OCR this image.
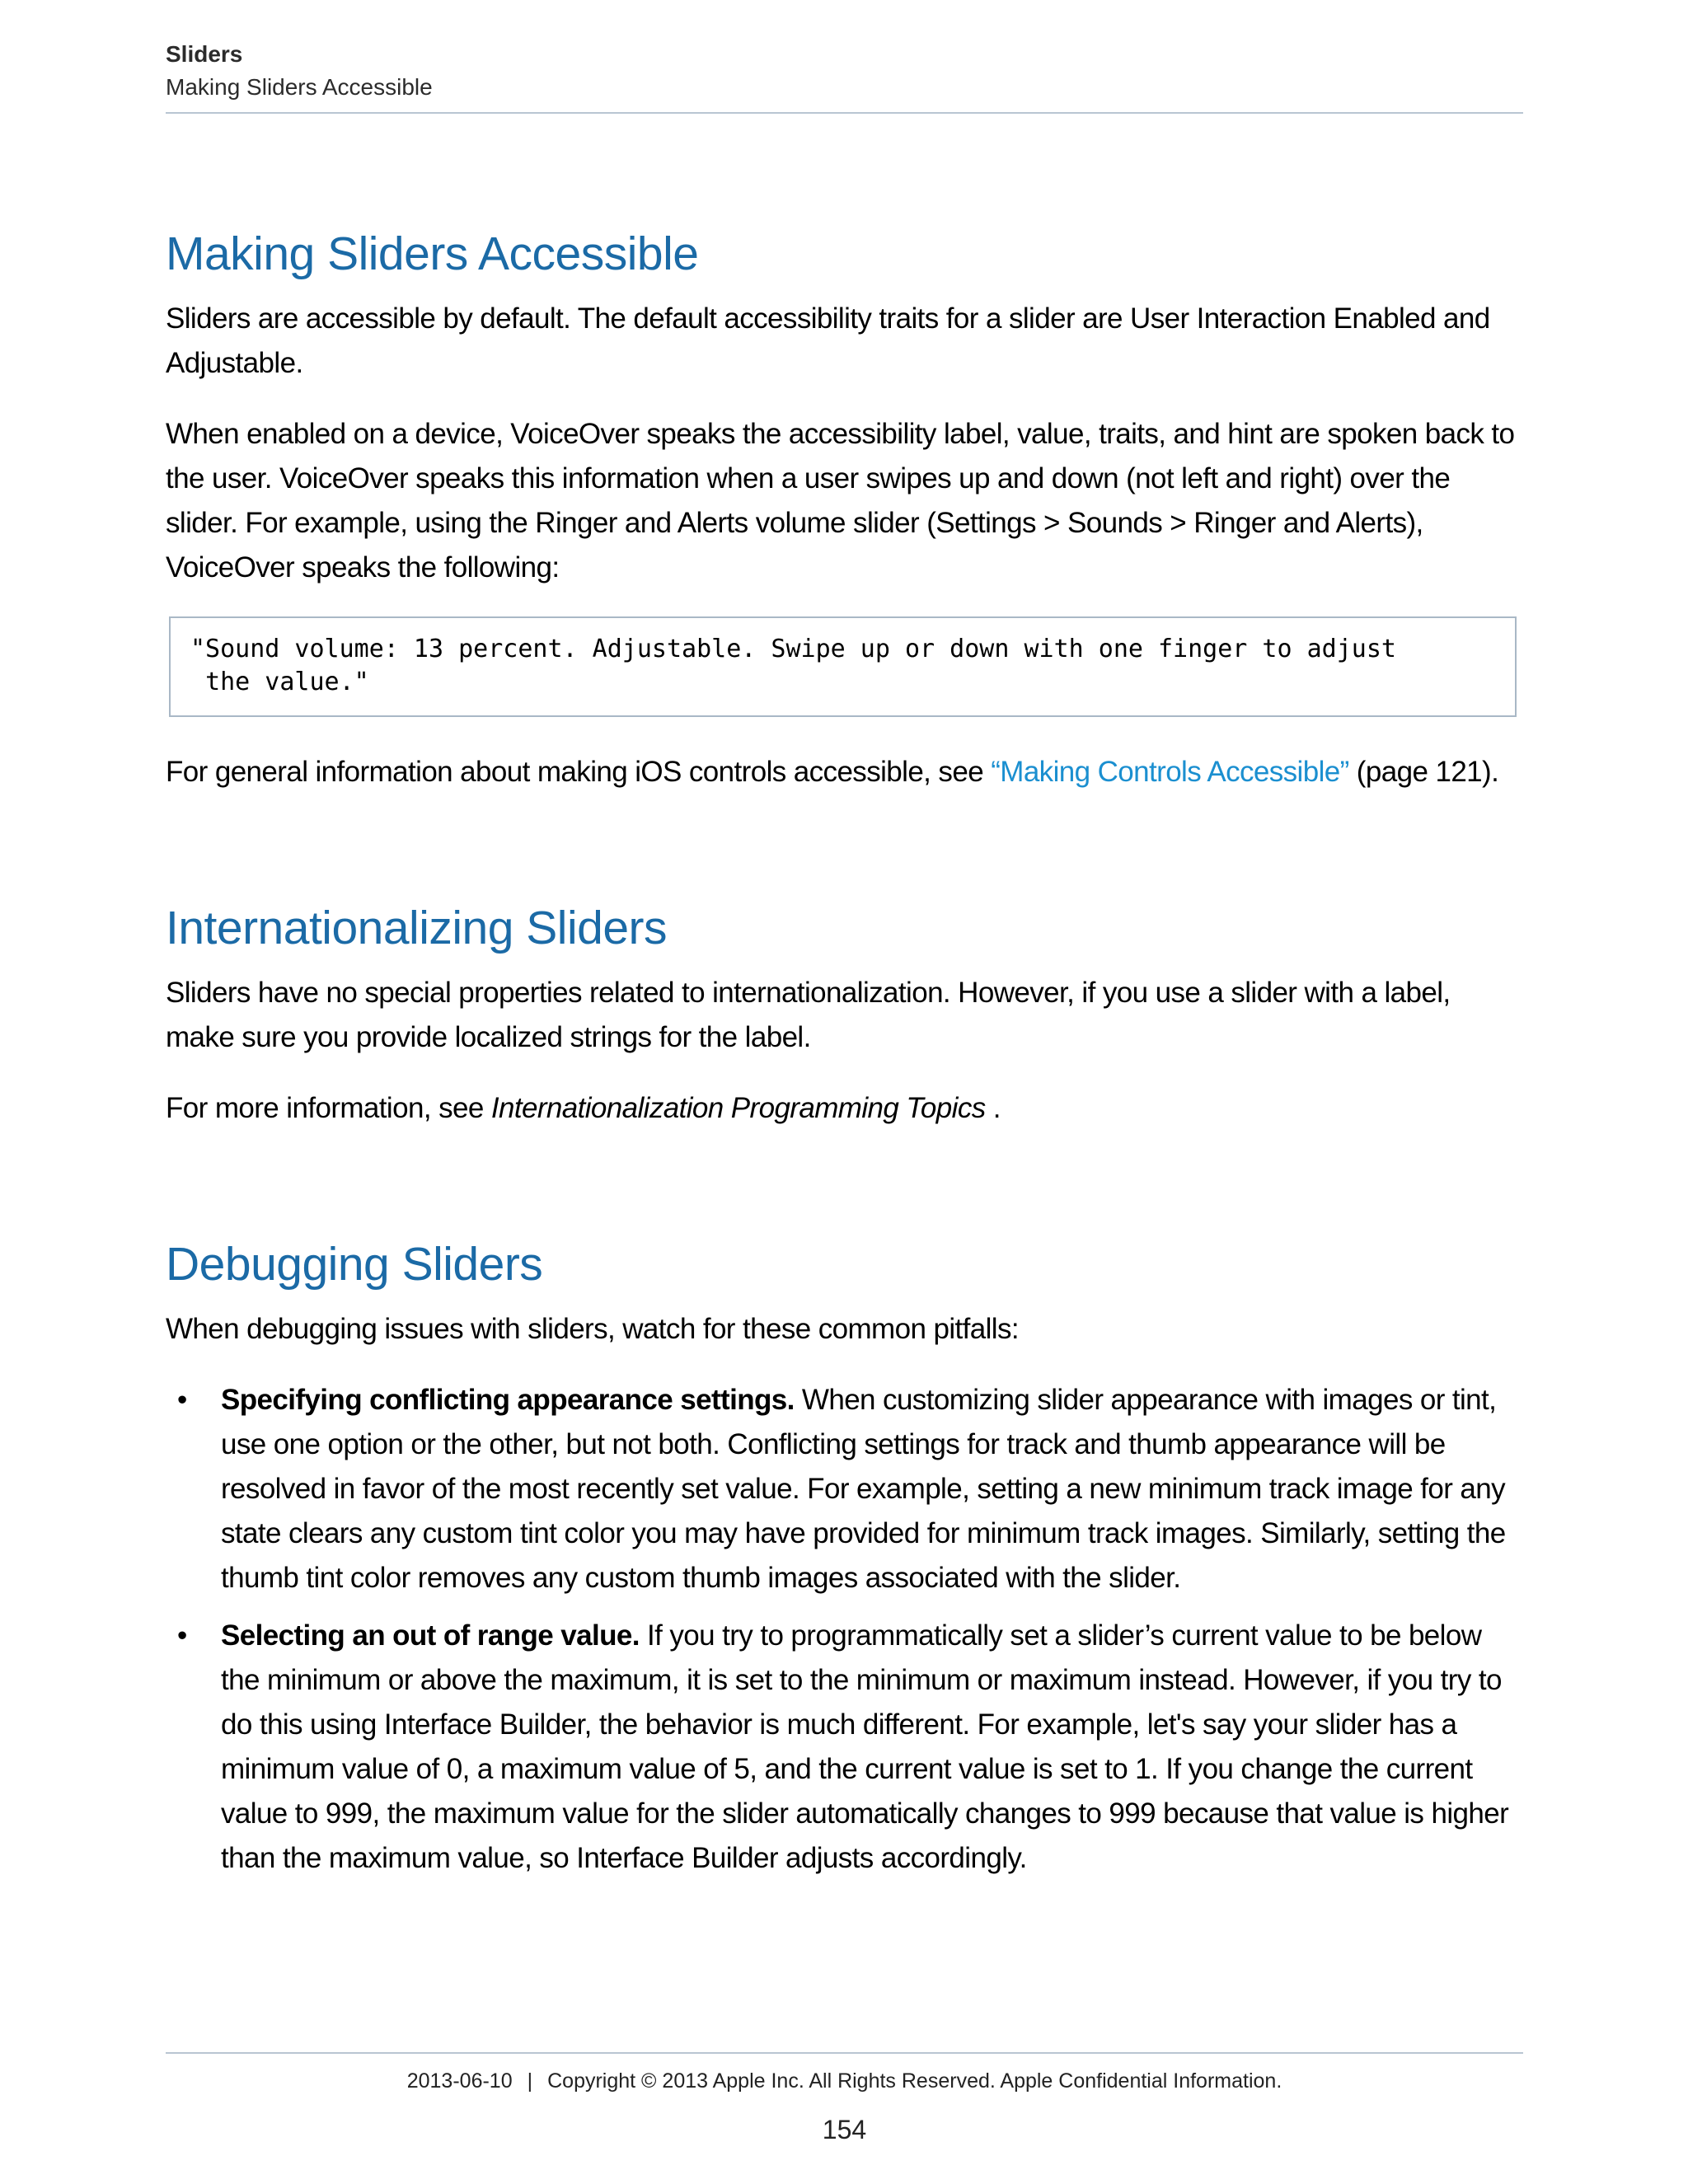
Sliders
Making Sliders Accessible
Making Sliders Accessible

Sliders are accessible by default. The default accessibility traits for a slider are User Interaction Enabled and Adjustable.

When enabled on a device, VoiceOver speaks the accessibility label, value, traits, and hint are spoken back to the user. VoiceOver speaks this information when a user swipes up and down (not left and right) over the slider. For example, using the Ringer and Alerts volume slider (Settings > Sounds > Ringer and Alerts), VoiceOver speaks the following:

"Sound volume: 13 percent. Adjustable. Swipe up or down with one finger to adjust
the value."

For general information about making iOS controls accessible, see “Making Controls Accessible” (page 121).

Internationalizing Sliders

Sliders have no special properties related to internationalization. However, if you use a slider with a label, make sure you provide localized strings for the label.

For more information, see Internationalization Programming Topics .

Debugging Sliders

When debugging issues with sliders, watch for these common pitfalls:

• Specifying conflicting appearance settings. When customizing slider appearance with images or tint, use one option or the other, but not both. Conflicting settings for track and thumb appearance will be resolved in favor of the most recently set value. For example, setting a new minimum track image for any state clears any custom tint color you may have provided for minimum track images. Similarly, setting the thumb tint color removes any custom thumb images associated with the slider.
• Selecting an out of range value. If you try to programmatically set a slider’s current value to be below the minimum or above the maximum, it is set to the minimum or maximum instead. However, if you try to do this using Interface Builder, the behavior is much different. For example, let's say your slider has a minimum value of 0, a maximum value of 5, and the current value is set to 1. If you change the current value to 999, the maximum value for the slider automatically changes to 999 because that value is higher than the maximum value, so Interface Builder adjusts accordingly.
2013-06-10 | Copyright © 2013 Apple Inc. All Rights Reserved. Apple Confidential Information.
154
